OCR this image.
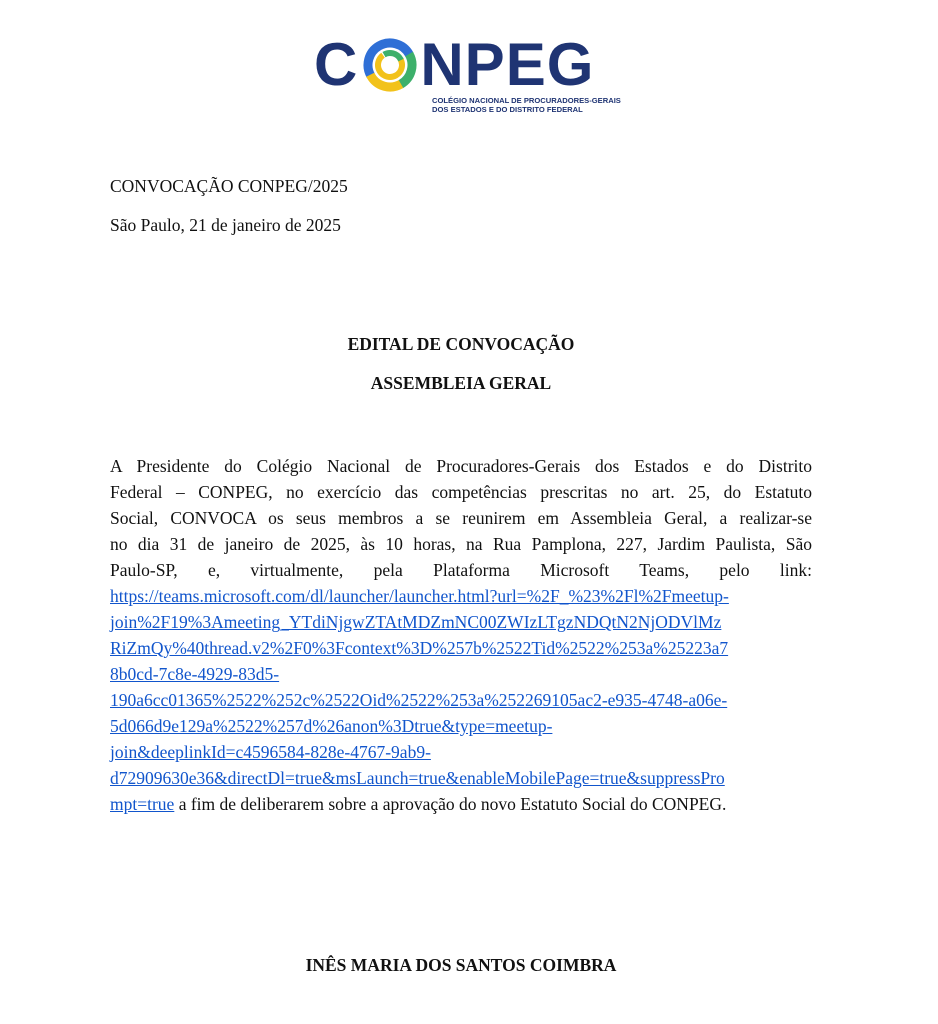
C NPEG
COLÉGIO NACIONAL DE PROCURADORES-GERAIS
DOS ESTADOS E DO DISTRITO FEDERAL
CONVOCAÇÃO CONPEG/2025
São Paulo, 21 de janeiro de 2025
EDITAL DE CONVOCAÇÃO
ASSEMBLEIA GERAL
A Presidente do Colégio Nacional de Procuradores-Gerais dos Estados e do Distrito
Federal – CONPEG, no exercício das competências prescritas no art. 25, do Estatuto
Social, CONVOCA os seus membros a se reunirem em Assembleia Geral, a realizar-se
no dia 31 de janeiro de 2025, às 10 horas, na Rua Pamplona, 227, Jardim Paulista, São
Paulo-SP, e, virtualmente, pela Plataforma Microsoft Teams, pelo link:
https://teams.microsoft.com/dl/launcher/launcher.html?url=%2F_%23%2Fl%2Fmeetup-
join%2F19%3Ameeting_YTdiNjgwZTAtMDZmNC00ZWIzLTgzNDQtN2NjODVlMz
RiZmQy%40thread.v2%2F0%3Fcontext%3D%257b%2522Tid%2522%253a%25223a7
8b0cd-7c8e-4929-83d5-
190a6cc01365%2522%252c%2522Oid%2522%253a%252269105ac2-e935-4748-a06e-
5d066d9e129a%2522%257d%26anon%3Dtrue&type=meetup-
join&deeplinkId=c4596584-828e-4767-9ab9-
d72909630e36&directDl=true&msLaunch=true&enableMobilePage=true&suppressPro
mpt=true a fim de deliberarem sobre a aprovação do novo Estatuto Social do CONPEG.
INÊS MARIA DOS SANTOS COIMBRA
